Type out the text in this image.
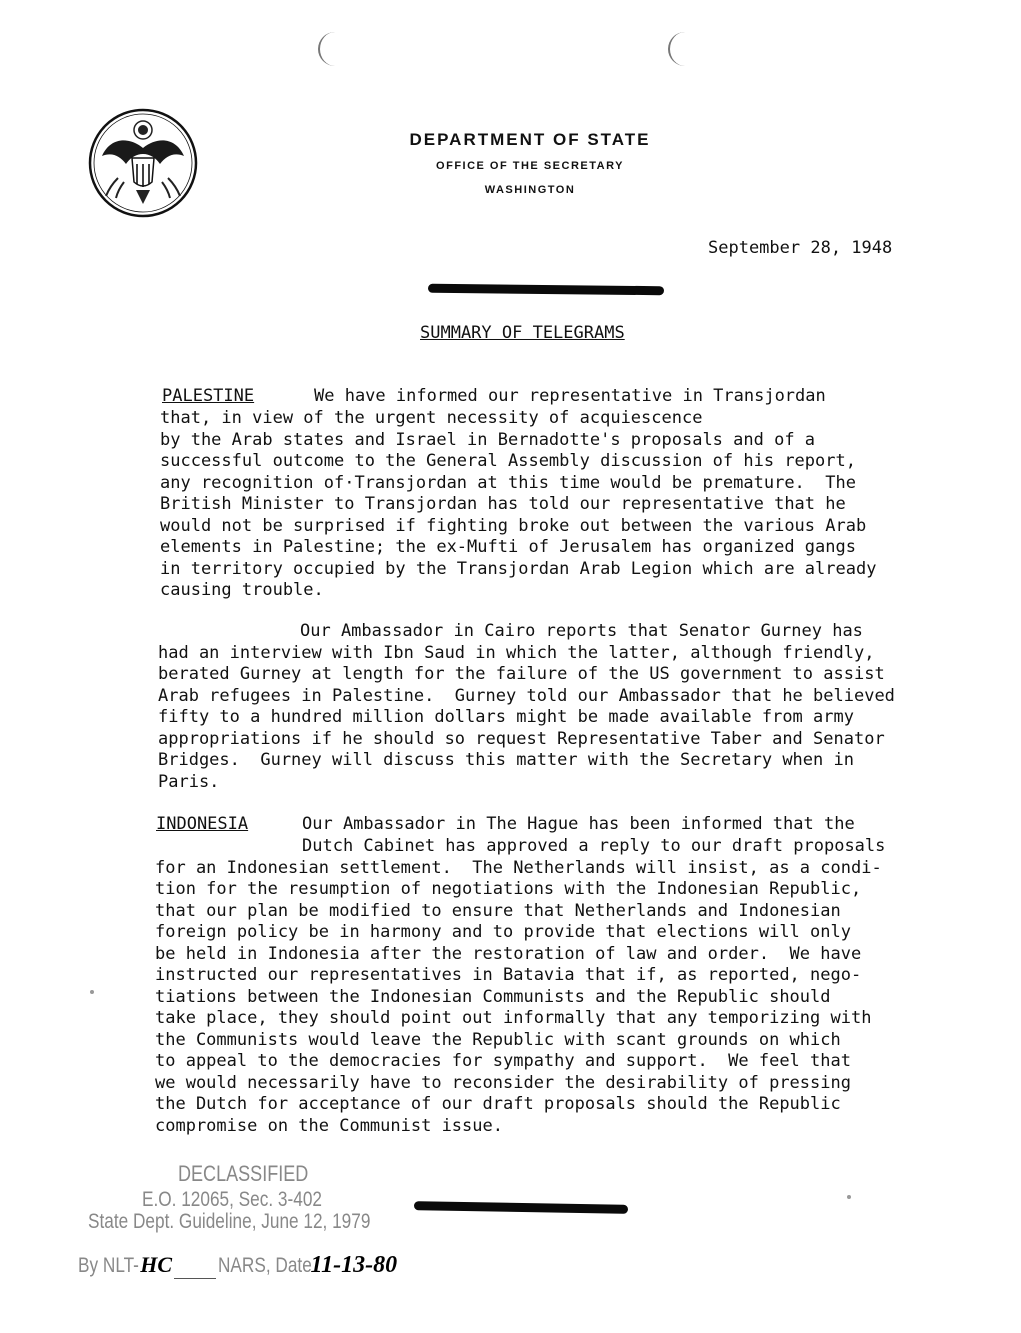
DEPARTMENT OF STATE
OFFICE OF THE SECRETARY
WASHINGTON
September 28, 1948
SUMMARY OF TELEGRAMS
PALESTINE	We have informed our representative in Transjordan
that, in view of the urgent necessity of acquiescence
by the Arab states and Israel in Bernadotte's proposals and of a
successful outcome to the General Assembly discussion of his report,
any recognition of·Transjordan at this time would be premature.  The
British Minister to Transjordan has told our representative that he
would not be surprised if fighting broke out between the various Arab
elements in Palestine; the ex-Mufti of Jerusalem has organized gangs
in territory occupied by the Transjordan Arab Legion which are already
causing trouble.
Our Ambassador in Cairo reports that Senator Gurney has
had an interview with Ibn Saud in which the latter, although friendly,
berated Gurney at length for the failure of the US government to assist
Arab refugees in Palestine.  Gurney told our Ambassador that he believed
fifty to a hundred million dollars might be made available from army
appropriations if he should so request Representative Taber and Senator
Bridges.  Gurney will discuss this matter with the Secretary when in
Paris.
INDONESIA	Our Ambassador in The Hague has been informed that the
Dutch Cabinet has approved a reply to our draft proposals
for an Indonesian settlement.  The Netherlands will insist, as a condi-
tion for the resumption of negotiations with the Indonesian Republic,
that our plan be modified to ensure that Netherlands and Indonesian
foreign policy be in harmony and to provide that elections will only
be held in Indonesia after the restoration of law and order.  We have
instructed our representatives in Batavia that if, as reported, nego-
tiations between the Indonesian Communists and the Republic should
take place, they should point out informally that any temporizing with
the Communists would leave the Republic with scant grounds on which
to appeal to the democracies for sympathy and support.  We feel that
we would necessarily have to reconsider the desirability of pressing
the Dutch for acceptance of our draft proposals should the Republic
compromise on the Communist issue.
DECLASSIFIED
E.O. 12065, Sec. 3-402
State Dept. Guideline, June 12, 1979
By NLT-HC NARS, Date11-13-80
